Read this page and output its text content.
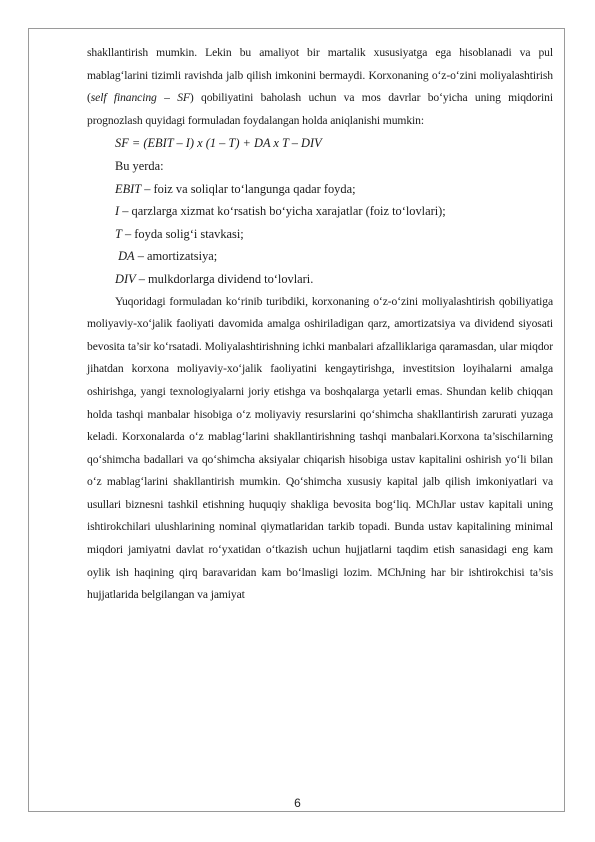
shakllantirish mumkin. Lekin bu amaliyot bir martalik xususiyatga ega hisoblanadi va pul mablag‘larini tizimli ravishda jalb qilish imkonini bermaydi. Korxonaning o‘z-o‘zini moliyalashtirish (self financing – SF) qobiliyatini baholash uchun va mos davrlar bo‘yicha uning miqdorini prognozlash quyidagi formuladan foydalangan holda aniqlanishi mumkin:

SF = (EBIT – I) x (1 – T) + DA x T – DIV

Bu yerda:

EBIT – foiz va soliqlar to‘langunga qadar foyda;

I – qarzlarga xizmat ko‘rsatish bo‘yicha xarajatlar (foiz to‘lovlari);

T – foyda solig‘i stavkasi;

DA – amortizatsiya;

DIV – mulkdorlarga dividend to‘lovlari.

Yuqoridagi formuladan ko‘rinib turibdiki, korxonaning o‘z-o‘zini moliyalashtirish qobiliyatiga moliyaviy-xo‘jalik faoliyati davomida amalga oshiriladigan qarz, amortizatsiya va dividend siyosati bevosita ta’sir ko‘rsatadi. Moliyalashtirishning ichki manbalari afzalliklariga qaramasdan, ular miqdor jihatdan korxona moliyaviy-xo‘jalik faoliyatini kengaytirishga, investitsion loyihalarni amalga oshirishga, yangi texnologiyalarni joriy etishga va boshqalarga yetarli emas. Shundan kelib chiqqan holda tashqi manbalar hisobiga o‘z moliyaviy resurslarini qo‘shimcha shakllantirish zarurati yuzaga keladi. Korxonalarda o‘z mablag‘larini shakllantirishning tashqi manbalari.Korxona ta’sischilarning qo‘shimcha badallari va qo‘shimcha aksiyalar chiqarish hisobiga ustav kapitalini oshirish yo‘li bilan o‘z mablag‘larini shakllantirish mumkin. Qo‘shimcha xususiy kapital jalb qilish imkoniyatlari va usullari biznesni tashkil etishning huquqiy shakliga bevosita bog‘liq. MChJlar ustav kapitali uning ishtirokchilari ulushlarining nominal qiymatlaridan tarkib topadi. Bunda ustav kapitalining minimal miqdori jamiyatni davlat ro‘yxatidan o‘tkazish uchun hujjatlarni taqdim etish sanasidagi eng kam oylik ish haqining qirq baravaridan kam bo‘lmasligi lozim. MChJning har bir ishtirokchisi ta’sis hujjatlarida belgilangan va jamiyat

6
